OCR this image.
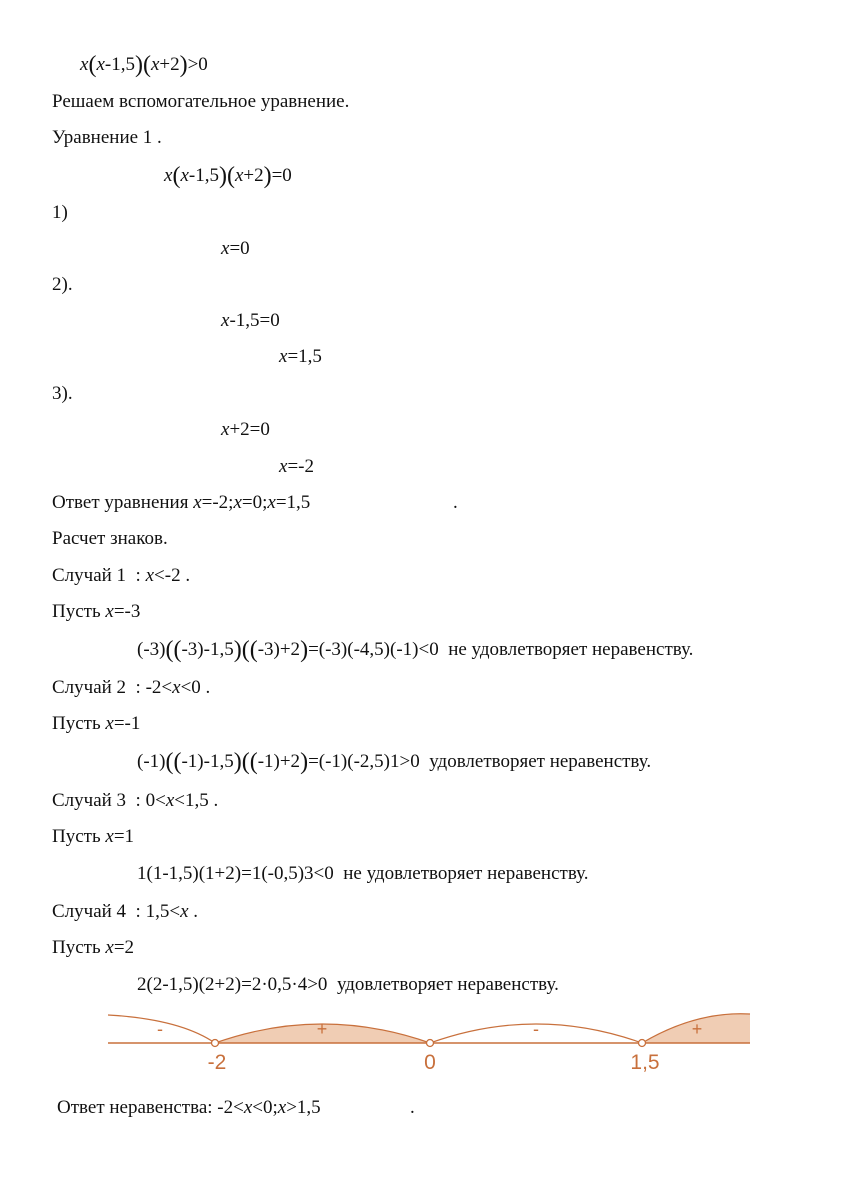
x(x-1,5)(x+2)>0
Решаем вспомогательное уравнение.
Уравнение 1 .
x(x-1,5)(x+2)=0
1)
x=0
2).
x-1,5=0
x=1,5
3).
x+2=0
x=-2
Ответ уравнения x=-2;x=0;x=1,5	.
Расчет знаков.
Случай 1  : x<-2 .
Пусть x=-3
(-3)((-3)-1,5)((-3)+2)=(-3)(-4,5)(-1)<0  не удовлетворяет неравенству.
Случай 2  : -2<x<0 .
Пусть x=-1
(-1)((-1)-1,5)((-1)+2)=(-1)(-2,5)1>0  удовлетворяет неравенству.
Случай 3  : 0<x<1,5 .
Пусть x=1
1(1-1,5)(1+2)=1(-0,5)3<0 не удовлетворяет неравенству.
Случай 4  : 1,5<x .
Пусть x=2
2(2-1,5)(2+2)=2·0,5·4>0 удовлетворяет неравенству.
-	+	-	+
-2	0	1,5
Ответ неравенства: -2<x<0;x>1,5	.
